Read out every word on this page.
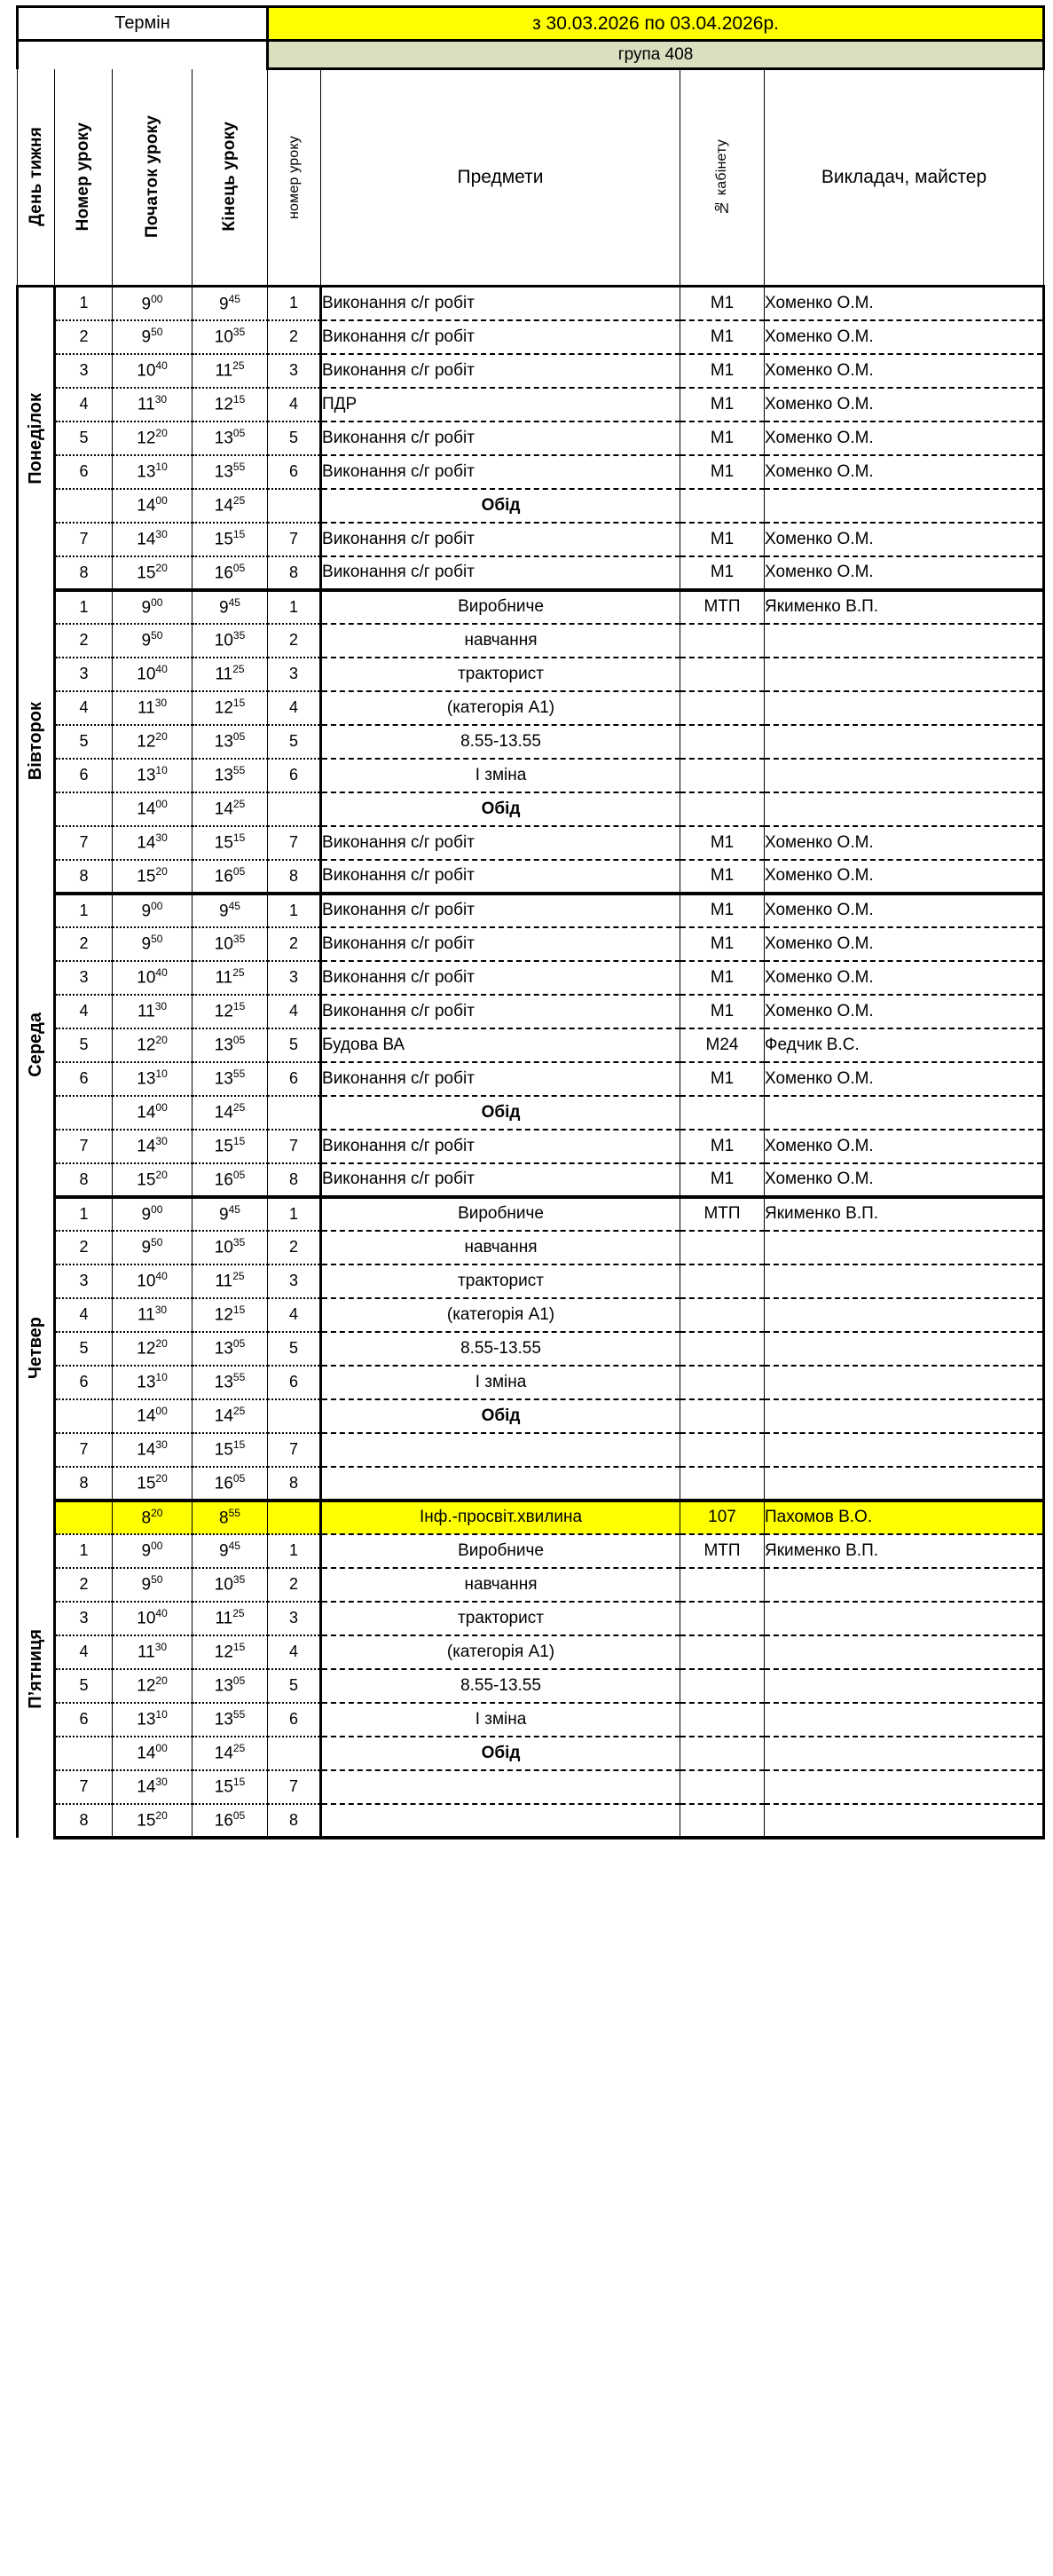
Термін				з 30.03.2026 по 03.04.2026р.			
				група 408			

День тижня	Номер уроку	Початок уроку	Кінець уроку	номер уроку	Предмети	№ кабінету	Викладач, майстер

Понеділок	1	$9^{00}$	$9^{45}$	1	Виконання с/г робіт	М1	Хоменко О.М.
	2	$9^{50}$	$10^{35}$	2	Виконання с/г робіт	М1	Хоменко О.М.
	3	$10^{40}$	$11^{25}$	3	Виконання с/г робіт	М1	Хоменко О.М.
	4	$11^{30}$	$12^{15}$	4	ПДР	М1	Хоменко О.М.
	5	$12^{20}$	$13^{05}$	5	Виконання с/г робіт	М1	Хоменко О.М.
	6	$13^{10}$	$13^{55}$	6	Виконання с/г робіт	М1	Хоменко О.М.
		$14^{00}$	$14^{25}$		Обід		
	7	$14^{30}$	$15^{15}$	7	Виконання с/г робіт	М1	Хоменко О.М.
	8	$15^{20}$	$16^{05}$	8	Виконання с/г робіт	М1	Хоменко О.М.

Вівторок	1	$9^{00}$	$9^{45}$	1	Виробниче	МТП	Якименко В.П.
	2	$9^{50}$	$10^{35}$	2	навчання		
	3	$10^{40}$	$11^{25}$	3	тракторист		
	4	$11^{30}$	$12^{15}$	4	(категорія А1)		
	5	$12^{20}$	$13^{05}$	5	8.55-13.55		
	6	$13^{10}$	$13^{55}$	6	I зміна		
		$14^{00}$	$14^{25}$		Обід		
	7	$14^{30}$	$15^{15}$	7	Виконання с/г робіт	М1	Хоменко О.М.
	8	$15^{20}$	$16^{05}$	8	Виконання с/г робіт	М1	Хоменко О.М.

Середа	1	$9^{00}$	$9^{45}$	1	Виконання с/г робіт	М1	Хоменко О.М.
	2	$9^{50}$	$10^{35}$	2	Виконання с/г робіт	М1	Хоменко О.М.
	3	$10^{40}$	$11^{25}$	3	Виконання с/г робіт	М1	Хоменко О.М.
	4	$11^{30}$	$12^{15}$	4	Виконання с/г робіт	М1	Хоменко О.М.
	5	$12^{20}$	$13^{05}$	5	Будова ВА	М24	Федчик В.С.
	6	$13^{10}$	$13^{55}$	6	Виконання с/г робіт	М1	Хоменко О.М.
		$14^{00}$	$14^{25}$		Обід		
	7	$14^{30}$	$15^{15}$	7	Виконання с/г робіт	М1	Хоменко О.М.
	8	$15^{20}$	$16^{05}$	8	Виконання с/г робіт	М1	Хоменко О.М.

Четвер	1	$9^{00}$	$9^{45}$	1	Виробниче	МТП	Якименко В.П.
	2	$9^{50}$	$10^{35}$	2	навчання		
	3	$10^{40}$	$11^{25}$	3	тракторист		
	4	$11^{30}$	$12^{15}$	4	(категорія А1)		
	5	$12^{20}$	$13^{05}$	5	8.55-13.55		
	6	$13^{10}$	$13^{55}$	6	I зміна		
		$14^{00}$	$14^{25}$		Обід		
	7	$14^{30}$	$15^{15}$	7			
	8	$15^{20}$	$16^{05}$	8			

П’ятниця		$8^{20}$	$8^{55}$		Інф.-просвіт.хвилина	107	Пахомов В.О.
	1	$9^{00}$	$9^{45}$	1	Виробниче	МТП	Якименко В.П.
	2	$9^{50}$	$10^{35}$	2	навчання		
	3	$10^{40}$	$11^{25}$	3	тракторист		
	4	$11^{30}$	$12^{15}$	4	(категорія А1)		
	5	$12^{20}$	$13^{05}$	5	8.55-13.55		
	6	$13^{10}$	$13^{55}$	6	I зміна		
		$14^{00}$	$14^{25}$		Обід		
	7	$14^{30}$	$15^{15}$	7			
	8	$15^{20}$	$16^{05}$	8			
